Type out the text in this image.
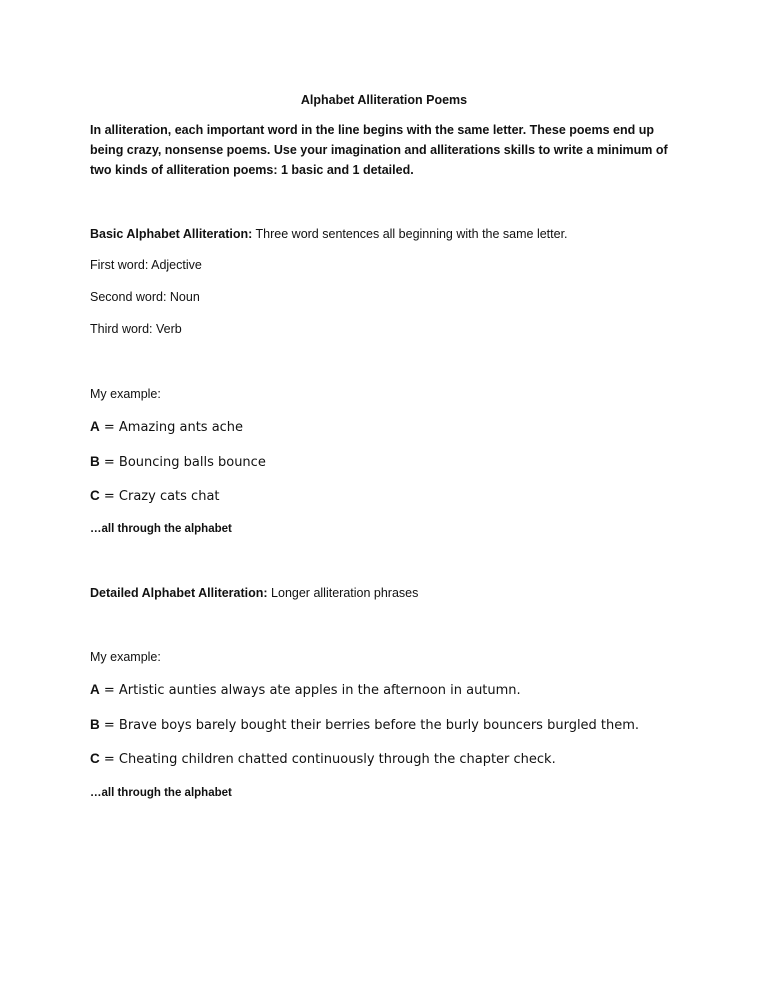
Alphabet Alliteration Poems
In alliteration, each important word in the line begins with the same letter. These poems end up being crazy, nonsense poems. Use your imagination and alliterations skills to write a minimum of two kinds of alliteration poems: 1 basic and 1 detailed.
Basic Alphabet Alliteration: Three word sentences all beginning with the same letter.
First word: Adjective
Second word: Noun
Third word: Verb
My example:
A = Amazing ants ache
B = Bouncing balls bounce
C = Crazy cats chat
…all through the alphabet
Detailed Alphabet Alliteration: Longer alliteration phrases
My example:
A = Artistic aunties always ate apples in the afternoon in autumn.
B = Brave boys barely bought their berries before the burly bouncers burgled them.
C = Cheating children chatted continuously through the chapter check.
…all through the alphabet
